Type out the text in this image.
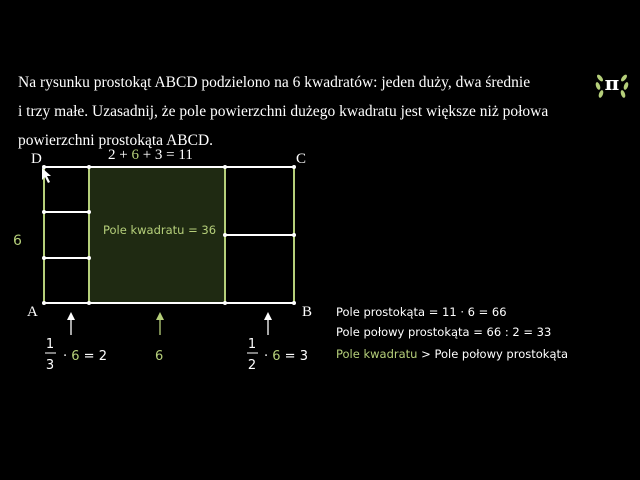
Na rysunku prostokąt ABCD podzielono na 6 kwadratów: jeden duży, dwa średnie
i trzy małe. Uzasadnij, że pole powierzchni dużego kwadratu jest większe niż połowa
powierzchni prostokąta ABCD.
π
D	C
A	B
2 + 6 + 3 = 11
6
Pole kwadratu = 36
1
3
· 6 = 2	6
1
2
· 6 = 3
Pole prostokąta = 11 · 6 = 66
Pole połowy prostokąta = 66 : 2 = 33
Pole kwadratu > Pole połowy prostokąta
